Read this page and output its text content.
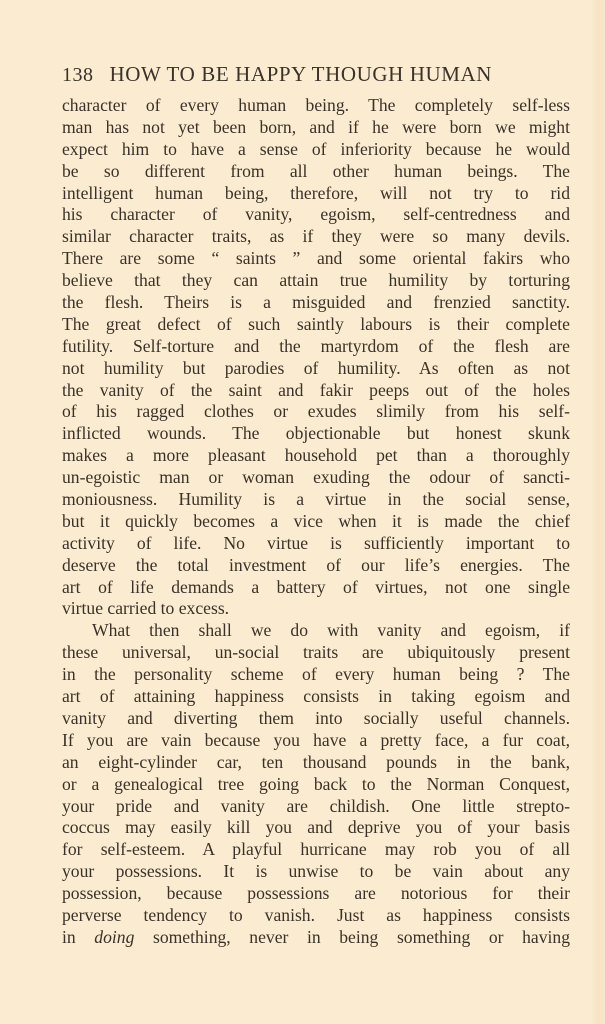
138 HOW TO BE HAPPY THOUGH HUMAN
character of every human being. The completely self-less
man has not yet been born, and if he were born we might
expect him to have a sense of inferiority because he would
be so different from all other human beings. The
intelligent human being, therefore, will not try to rid
his character of vanity, egoism, self-centredness and
similar character traits, as if they were so many devils.
There are some “ saints ” and some oriental fakirs who
believe that they can attain true humility by torturing
the flesh. Theirs is a misguided and frenzied sanctity.
The great defect of such saintly labours is their complete
futility. Self-torture and the martyrdom of the flesh are
not humility but parodies of humility. As often as not
the vanity of the saint and fakir peeps out of the holes
of his ragged clothes or exudes slimily from his self-
inflicted wounds. The objectionable but honest skunk
makes a more pleasant household pet than a thoroughly
un-egoistic man or woman exuding the odour of sancti-
moniousness. Humility is a virtue in the social sense,
but it quickly becomes a vice when it is made the chief
activity of life. No virtue is sufficiently important to
deserve the total investment of our life’s energies. The
art of life demands a battery of virtues, not one single
virtue carried to excess.
What then shall we do with vanity and egoism, if
these universal, un-social traits are ubiquitously present
in the personality scheme of every human being ? The
art of attaining happiness consists in taking egoism and
vanity and diverting them into socially useful channels.
If you are vain because you have a pretty face, a fur coat,
an eight-cylinder car, ten thousand pounds in the bank,
or a genealogical tree going back to the Norman Conquest,
your pride and vanity are childish. One little strepto-
coccus may easily kill you and deprive you of your basis
for self-esteem. A playful hurricane may rob you of all
your possessions. It is unwise to be vain about any
possession, because possessions are notorious for their
perverse tendency to vanish. Just as happiness consists
in doing something, never in being something or having
